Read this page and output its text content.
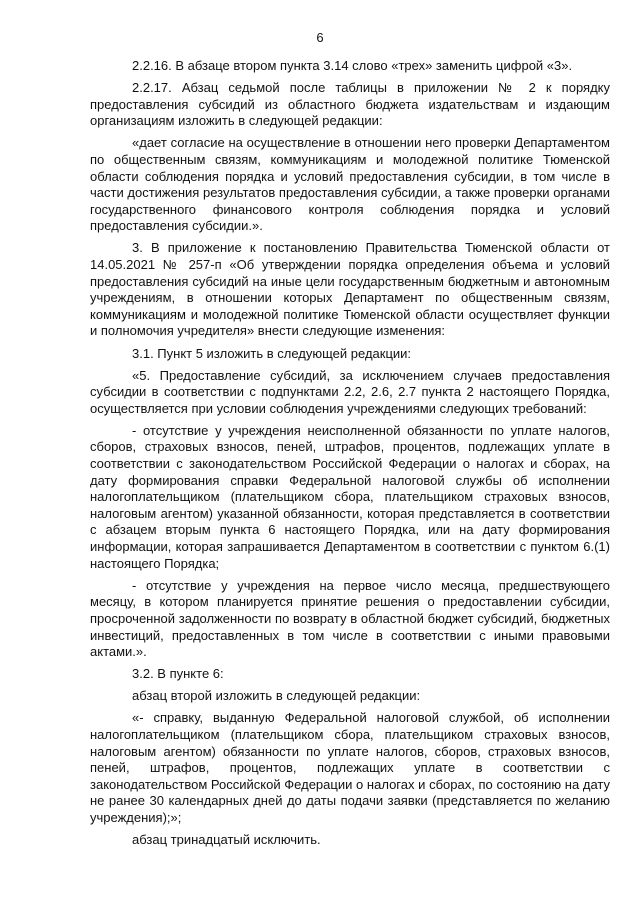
6

2.2.16. В абзаце втором пункта 3.14 слово «трех» заменить цифрой «3».

2.2.17. Абзац седьмой после таблицы в приложении № 2 к порядку предоставления субсидий из областного бюджета издательствам и издающим организациям изложить в следующей редакции:

«дает согласие на осуществление в отношении него проверки Департаментом по общественным связям, коммуникациям и молодежной политике Тюменской области соблюдения порядка и условий предоставления субсидии, в том числе в части достижения результатов предоставления субсидии, а также проверки органами государственного финансового контроля соблюдения порядка и условий предоставления субсидии.».

3. В приложение к постановлению Правительства Тюменской области от 14.05.2021 № 257-п «Об утверждении порядка определения объема и условий предоставления субсидий на иные цели государственным бюджетным и автономным учреждениям, в отношении которых Департамент по общественным связям, коммуникациям и молодежной политике Тюменской области осуществляет функции и полномочия учредителя» внести следующие изменения:

3.1. Пункт 5 изложить в следующей редакции:

«5. Предоставление субсидий, за исключением случаев предоставления субсидии в соответствии с подпунктами 2.2, 2.6, 2.7 пункта 2 настоящего Порядка, осуществляется при условии соблюдения учреждениями следующих требований:

- отсутствие у учреждения неисполненной обязанности по уплате налогов, сборов, страховых взносов, пеней, штрафов, процентов, подлежащих уплате в соответствии с законодательством Российской Федерации о налогах и сборах, на дату формирования справки Федеральной налоговой службы об исполнении налогоплательщиком (плательщиком сбора, плательщиком страховых взносов, налоговым агентом) указанной обязанности, которая представляется в соответствии с абзацем вторым пункта 6 настоящего Порядка, или на дату формирования информации, которая запрашивается Департаментом в соответствии с пунктом 6.(1) настоящего Порядка;

- отсутствие у учреждения на первое число месяца, предшествующего месяцу, в котором планируется принятие решения о предоставлении субсидии, просроченной задолженности по возврату в областной бюджет субсидий, бюджетных инвестиций, предоставленных в том числе в соответствии с иными правовыми актами.».

3.2. В пункте 6:

абзац второй изложить в следующей редакции:

«- справку, выданную Федеральной налоговой службой, об исполнении налогоплательщиком (плательщиком сбора, плательщиком страховых взносов, налоговым агентом) обязанности по уплате налогов, сборов, страховых взносов, пеней, штрафов, процентов, подлежащих уплате в соответствии с законодательством Российской Федерации о налогах и сборах, по состоянию на дату не ранее 30 календарных дней до даты подачи заявки (представляется по желанию учреждения);»;

абзац тринадцатый исключить.
